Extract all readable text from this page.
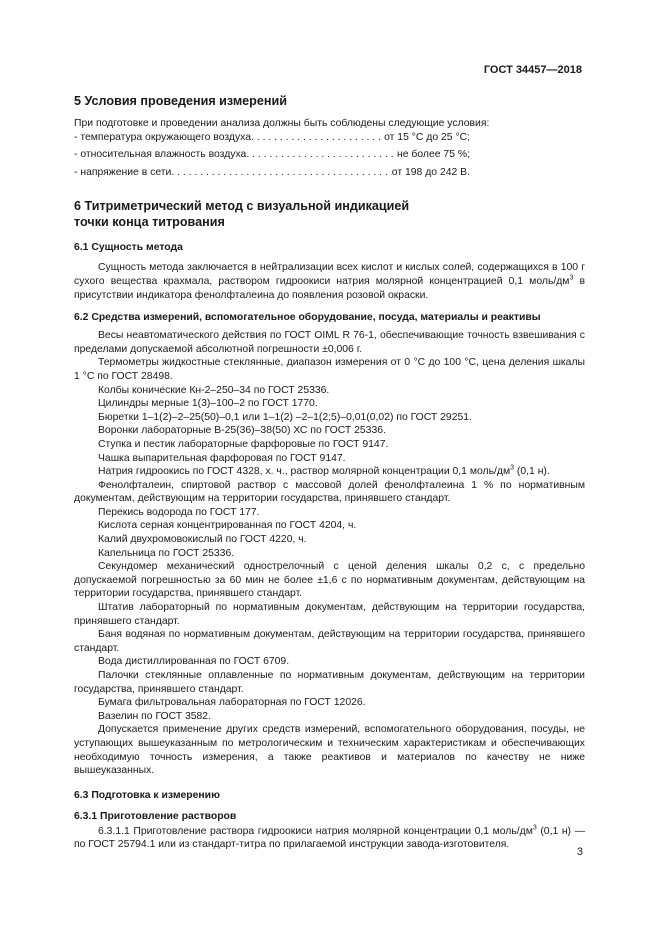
ГОСТ 34457—2018
5 Условия проведения измерений

При подготовке и проведении анализа должны быть соблюдены следующие условия:

- температура окружающего воздуха . . .	от 15 °С до 25 °С;
- относительная влажность воздуха . . .	не более 75 %;
- напряжение в сети . . .	от 198 до 242 В.
6 Титриметрический метод с визуальной индикацией
точки конца титрования
6.1 Сущность метода

Сущность метода заключается в нейтрализации всех кислот и кислых солей, содержащихся в 100 г сухого вещества крахмала, раствором гидроокиси натрия молярной концентрацией 0,1 моль/$дм^3$ в присутствии индикатора фенолфталеина до появления розовой окраски.

6.2 Средства измерений, вспомогательное оборудование, посуда, материалы и реактивы

Весы неавтоматического действия по ГОСТ OIML R 76-1, обеспечивающие точность взвешивания с пределами допускаемой абсолютной погрешности ±0,006 г.

Термометры жидкостные стеклянные, диапазон измерения от 0 °С до 100 °С, цена деления шкалы 1 °С по ГОСТ 28498.

Колбы конические Кн-2–250–34 по ГОСТ 25336.

Цилиндры мерные 1(3)–100–2 по ГОСТ 1770.

Бюретки 1–1(2)–2–25(50)–0,1 или 1–1(2) –2–1(2;5)–0,01(0,02) по ГОСТ 29251.

Воронки лабораторные В-25(36)–38(50) ХС по ГОСТ 25336.

Ступка и пестик лабораторные фарфоровые по ГОСТ 9147.

Чашка выпарительная фарфоровая по ГОСТ 9147.

Натрия гидроокись по ГОСТ 4328, х. ч., раствор молярной концентрации 0,1 моль/$дм^3$ (0,1 н).

Фенолфталеин, спиртовой раствор с массовой долей фенолфталеина 1 % по нормативным документам, действующим на территории государства, принявшего стандарт.

Перекись водорода по ГОСТ 177.

Кислота серная концентрированная по ГОСТ 4204, ч.

Калий двухромовокислый по ГОСТ 4220, ч.

Капельница по ГОСТ 25336.

Секундомер механический однострелочный с ценой деления шкалы 0,2 с, с предельно допускаемой погрешностью за 60 мин не более ±1,6 с по нормативным документам, действующим на территории государства, принявшего стандарт.

Штатив лабораторный по нормативным документам, действующим на территории государства, принявшего стандарт.

Баня водяная по нормативным документам, действующим на территории государства, принявшего стандарт.

Вода дистиллированная по ГОСТ 6709.

Палочки стеклянные оплавленные по нормативным документам, действующим на территории государства, принявшего стандарт.

Бумага фильтровальная лабораторная по ГОСТ 12026.

Вазелин по ГОСТ 3582.

Допускается применение других средств измерений, вспомогательного оборудования, посуды, не уступающих вышеуказанным по метрологическим и техническим характеристикам и обеспечивающих необходимую точность измерения, а также реактивов и материалов по качеству не ниже вышеуказанных.

6.3 Подготовка к измерению
6.3.1 Приготовление растворов

6.3.1.1 Приготовление раствора гидроокиси натрия молярной концентрации 0,1 моль/$дм^3$ (0,1 н) — по ГОСТ 25794.1 или из стандарт-титра по прилагаемой инструкции завода-изготовителя.

3
